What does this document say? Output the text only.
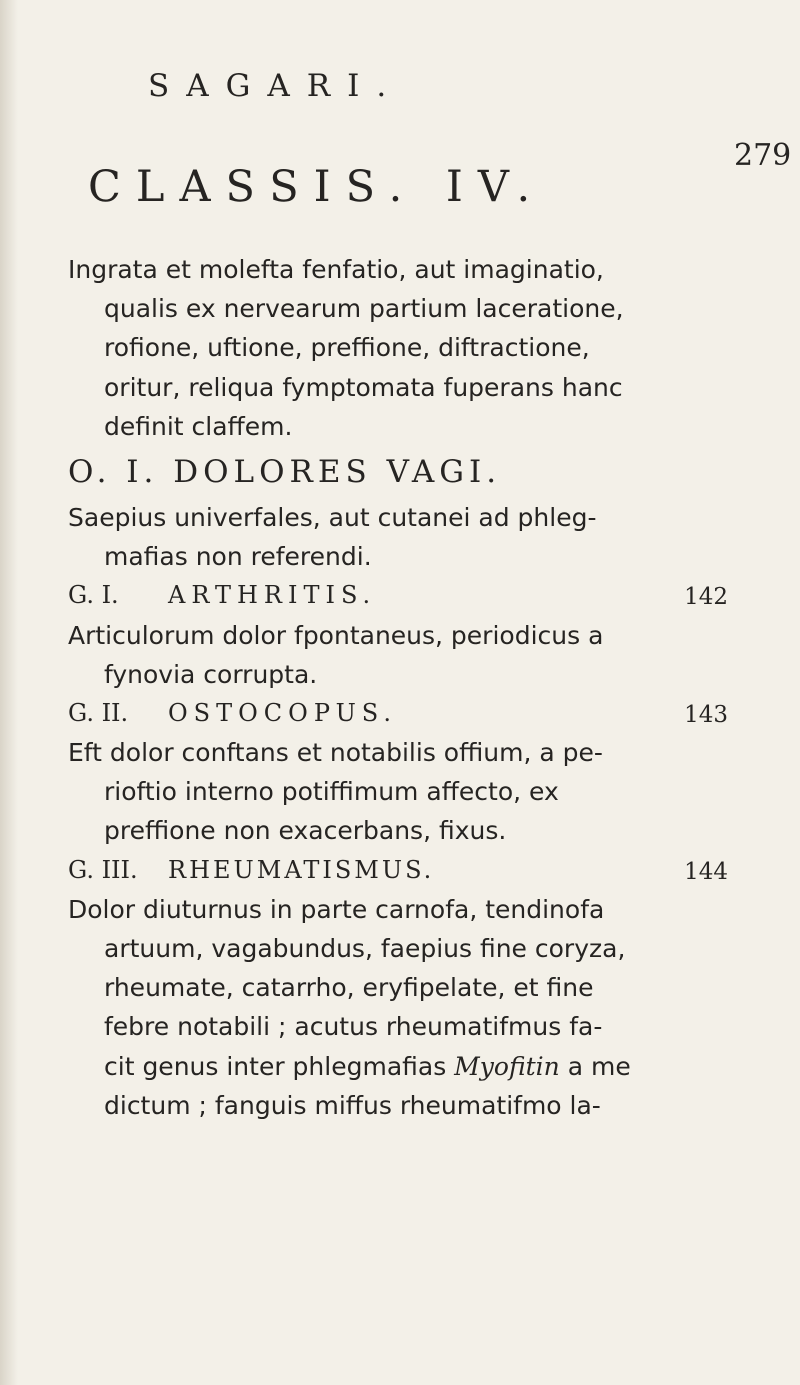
SAGARI.
279
CLASSIS. IV.
Ingrata et molefta fenfatio, aut imaginatio,
qualis ex nervearum partium laceratione,
rofione, uftione, preffione, diftractione,
oritur, reliqua fymptomata fuperans hanc
definit claffem.
O. I. DOLORES VAGI.
Saepius univerfales, aut cutanei ad phleg-
mafias non referendi.
G. I. ARTHRITIS.	142
Articulorum dolor fpontaneus, periodicus a
fynovia corrupta.
G. II. OSTOCOPUS.	143
Eft dolor conftans et notabilis offium, a pe-
rioftio interno potiffimum affecto, ex
preffione non exacerbans, fixus.
G. III. RHEUMATISMUS.	144
Dolor diuturnus in parte carnofa, tendinofa
artuum, vagabundus, faepius fine coryza,
rheumate, catarrho, eryfipelate, et fine
febre notabili ; acutus rheumatifmus fa-
cit genus inter phlegmafias Myofitin a me
dictum ; fanguis miffus rheumatifmo la-
